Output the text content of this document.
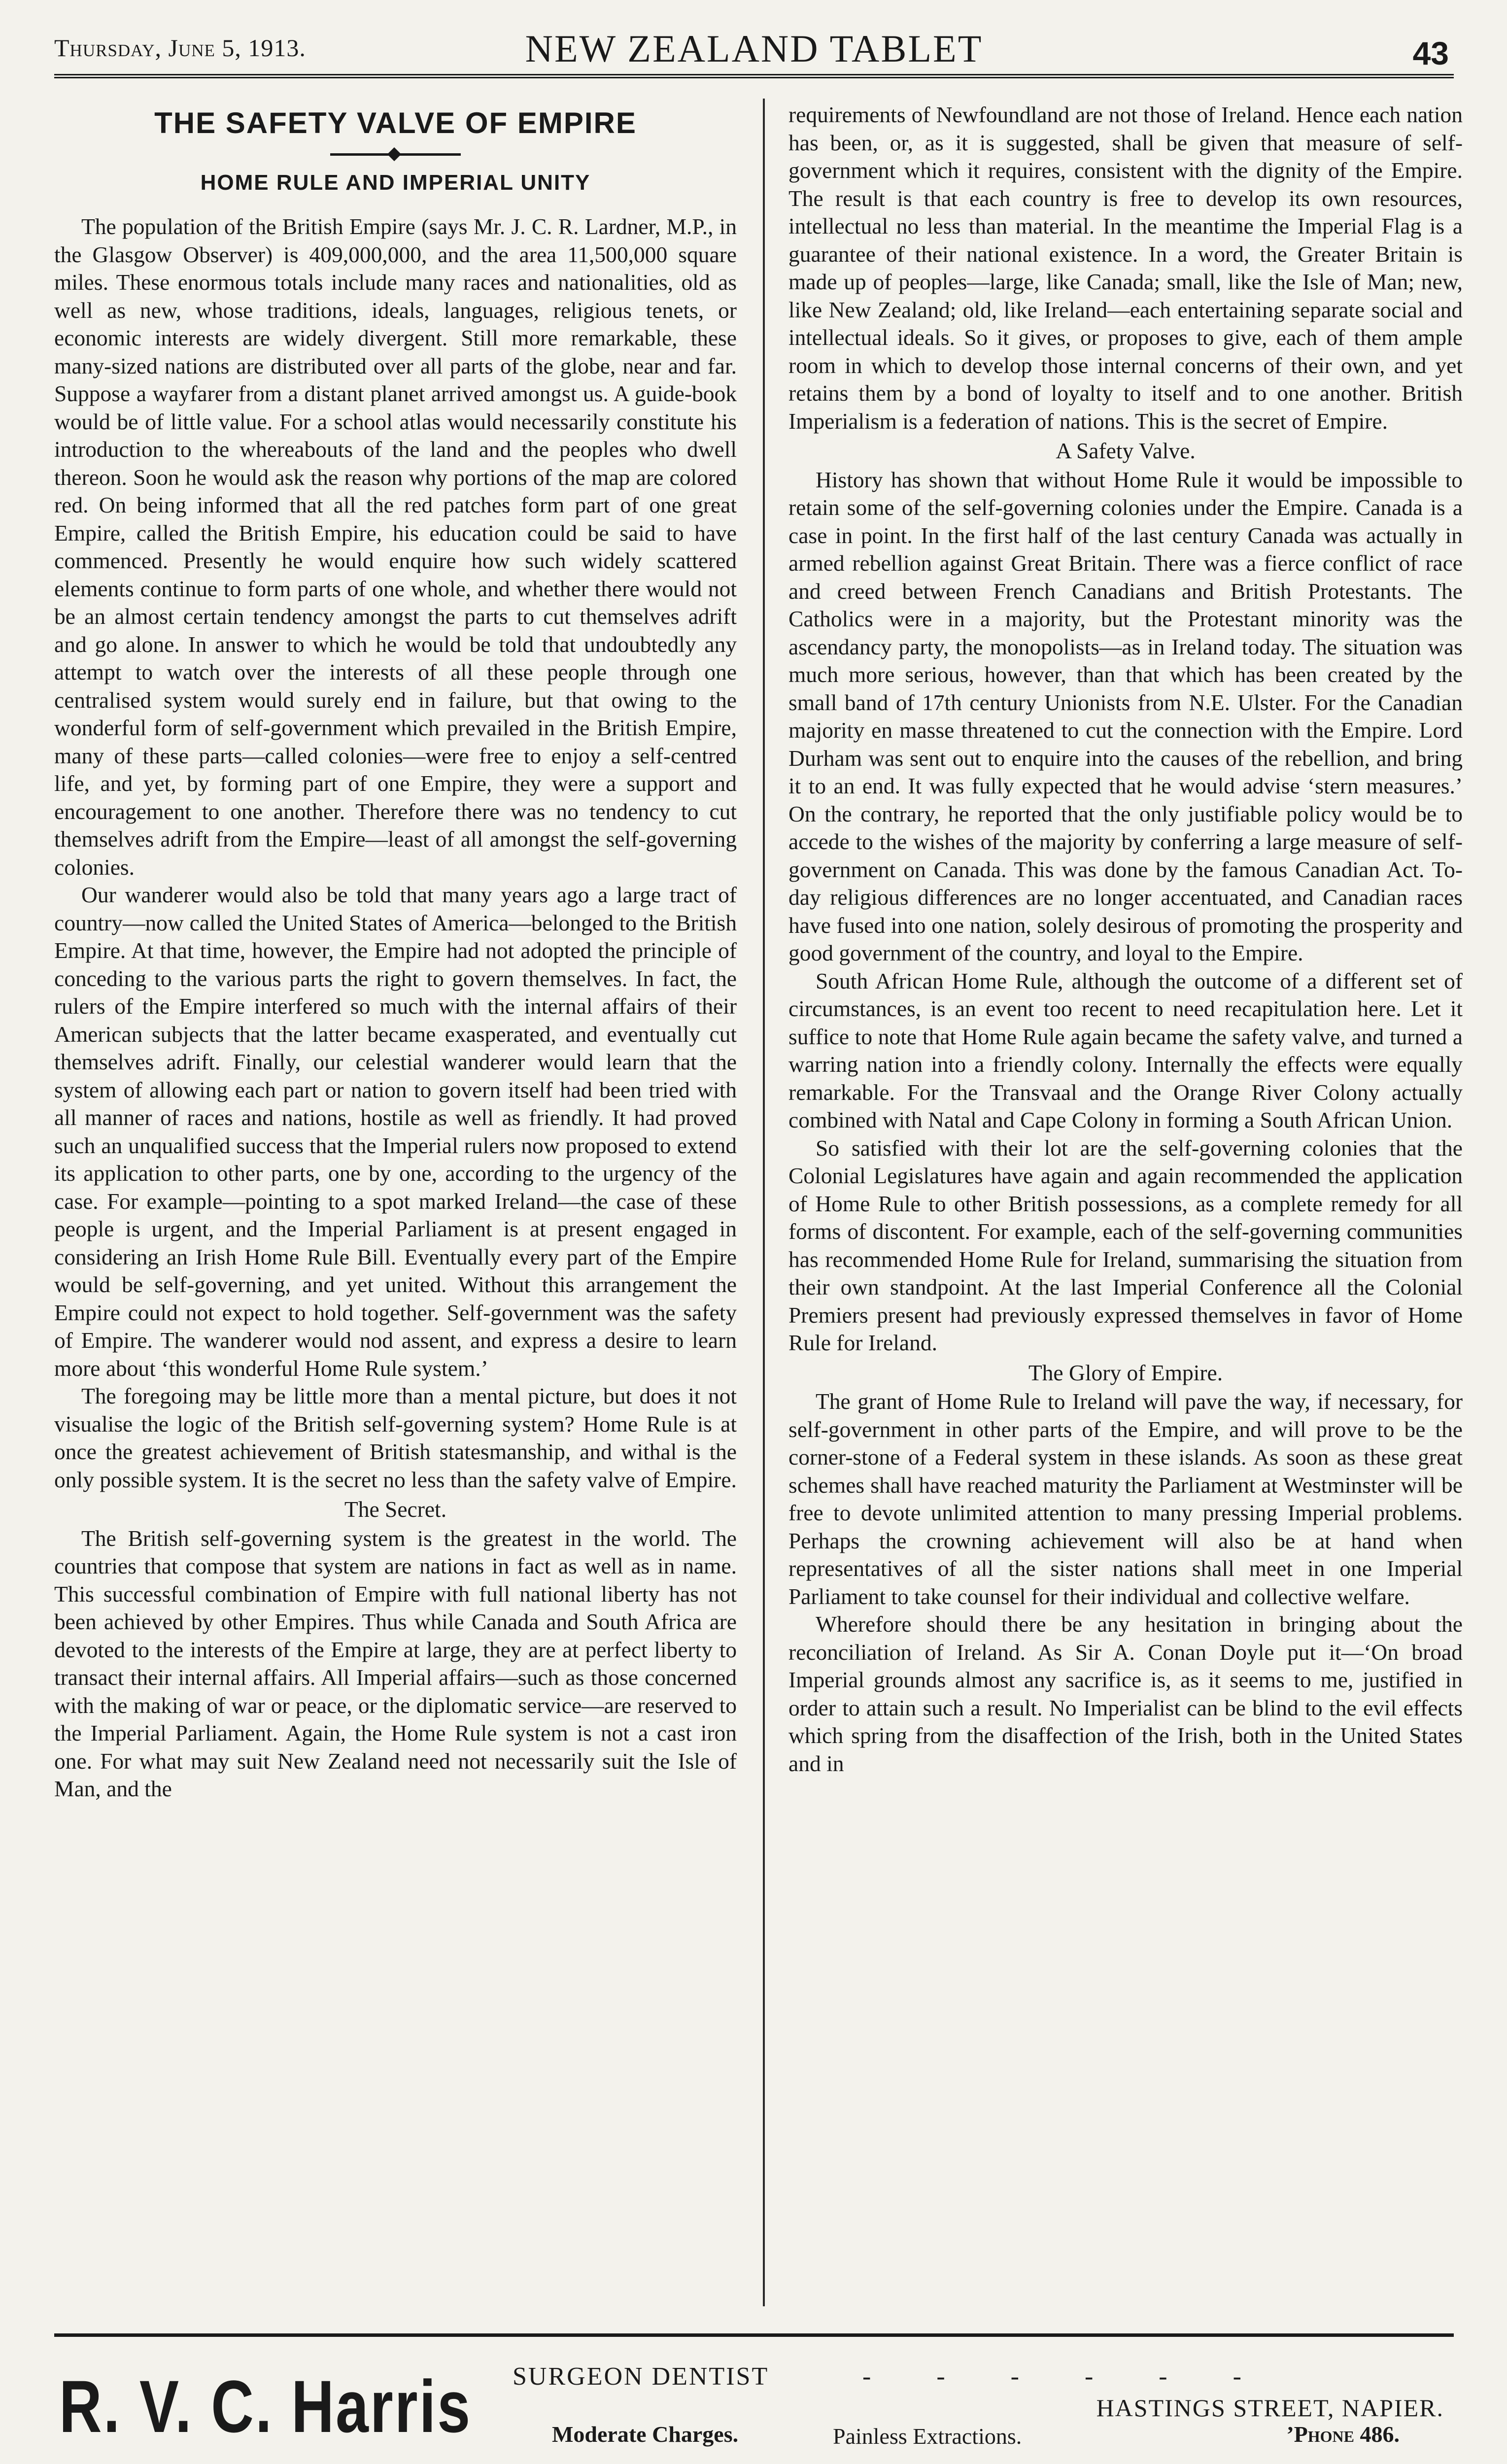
Thursday, June 5, 1913.	NEW ZEALAND TABLET	43
THE SAFETY VALVE OF EMPIRE
HOME RULE AND IMPERIAL UNITY

The population of the British Empire (says Mr. J. C. R. Lardner, M.P., in the Glasgow Observer) is 409,000,000, and the area 11,500,000 square miles. These enormous totals include many races and nationalities, old as well as new, whose traditions, ideals, languages, religious tenets, or economic interests are widely divergent. Still more remarkable, these many-sized nations are distributed over all parts of the globe, near and far. Suppose a wayfarer from a distant planet arrived amongst us. A guide-book would be of little value. For a school atlas would necessarily constitute his introduction to the whereabouts of the land and the peoples who dwell thereon. Soon he would ask the reason why portions of the map are colored red. On being informed that all the red patches form part of one great Empire, called the British Empire, his education could be said to have commenced. Presently he would enquire how such widely scattered elements continue to form parts of one whole, and whether there would not be an almost certain tendency amongst the parts to cut themselves adrift and go alone. In answer to which he would be told that undoubtedly any attempt to watch over the interests of all these people through one centralised system would surely end in failure, but that owing to the wonderful form of self-government which prevailed in the British Empire, many of these parts—called colonies—were free to enjoy a self-centred life, and yet, by forming part of one Empire, they were a support and encouragement to one another. Therefore there was no tendency to cut themselves adrift from the Empire—least of all amongst the self-governing colonies.

Our wanderer would also be told that many years ago a large tract of country—now called the United States of America—belonged to the British Empire. At that time, however, the Empire had not adopted the principle of conceding to the various parts the right to govern themselves. In fact, the rulers of the Empire interfered so much with the internal affairs of their American subjects that the latter became exasperated, and eventually cut themselves adrift. Finally, our celestial wanderer would learn that the system of allowing each part or nation to govern itself had been tried with all manner of races and nations, hostile as well as friendly. It had proved such an unqualified success that the Imperial rulers now proposed to extend its application to other parts, one by one, according to the urgency of the case. For example—pointing to a spot marked Ireland—the case of these people is urgent, and the Imperial Parliament is at present engaged in considering an Irish Home Rule Bill. Eventually every part of the Empire would be self-governing, and yet united. Without this arrangement the Empire could not expect to hold together. Self-government was the safety of Empire. The wanderer would nod assent, and express a desire to learn more about ‘this wonderful Home Rule system.’

The foregoing may be little more than a mental picture, but does it not visualise the logic of the British self-governing system? Home Rule is at once the greatest achievement of British statesmanship, and withal is the only possible system. It is the secret no less than the safety valve of Empire.

The Secret.

The British self-governing system is the greatest in the world. The countries that compose that system are nations in fact as well as in name. This successful combination of Empire with full national liberty has not been achieved by other Empires. Thus while Canada and South Africa are devoted to the interests of the Empire at large, they are at perfect liberty to transact their internal affairs. All Imperial affairs—such as those concerned with the making of war or peace, or the diplomatic service—are reserved to the Imperial Parliament. Again, the Home Rule system is not a cast iron one. For what may suit New Zealand need not necessarily suit the Isle of Man, and the

requirements of Newfoundland are not those of Ireland. Hence each nation has been, or, as it is suggested, shall be given that measure of self-government which it requires, consistent with the dignity of the Empire. The result is that each country is free to develop its own resources, intellectual no less than material. In the meantime the Imperial Flag is a guarantee of their national existence. In a word, the Greater Britain is made up of peoples—large, like Canada; small, like the Isle of Man; new, like New Zealand; old, like Ireland—each entertaining separate social and intellectual ideals. So it gives, or proposes to give, each of them ample room in which to develop those internal concerns of their own, and yet retains them by a bond of loyalty to itself and to one another. British Imperialism is a federation of nations. This is the secret of Empire.

A Safety Valve.

History has shown that without Home Rule it would be impossible to retain some of the self-governing colonies under the Empire. Canada is a case in point. In the first half of the last century Canada was actually in armed rebellion against Great Britain. There was a fierce conflict of race and creed between French Canadians and British Protestants. The Catholics were in a majority, but the Protestant minority was the ascendancy party, the monopolists—as in Ireland today. The situation was much more serious, however, than that which has been created by the small band of 17th century Unionists from N.E. Ulster. For the Canadian majority en masse threatened to cut the connection with the Empire. Lord Durham was sent out to enquire into the causes of the rebellion, and bring it to an end. It was fully expected that he would advise ‘stern measures.’ On the contrary, he reported that the only justifiable policy would be to accede to the wishes of the majority by conferring a large measure of self-government on Canada. This was done by the famous Canadian Act. To-day religious differences are no longer accentuated, and Canadian races have fused into one nation, solely desirous of promoting the prosperity and good government of the country, and loyal to the Empire.

South African Home Rule, although the outcome of a different set of circumstances, is an event too recent to need recapitulation here. Let it suffice to note that Home Rule again became the safety valve, and turned a warring nation into a friendly colony. Internally the effects were equally remarkable. For the Transvaal and the Orange River Colony actually combined with Natal and Cape Colony in forming a South African Union.

So satisfied with their lot are the self-governing colonies that the Colonial Legislatures have again and again recommended the application of Home Rule to other British possessions, as a complete remedy for all forms of discontent. For example, each of the self-governing communities has recommended Home Rule for Ireland, summarising the situation from their own standpoint. At the last Imperial Conference all the Colonial Premiers present had previously expressed themselves in favor of Home Rule for Ireland.

The Glory of Empire.

The grant of Home Rule to Ireland will pave the way, if necessary, for self-government in other parts of the Empire, and will prove to be the corner-stone of a Federal system in these islands. As soon as these great schemes shall have reached maturity the Parliament at Westminster will be free to devote unlimited attention to many pressing Imperial problems. Perhaps the crowning achievement will also be at hand when representatives of all the sister nations shall meet in one Imperial Parliament to take counsel for their individual and collective welfare.

Wherefore should there be any hesitation in bringing about the reconciliation of Ireland. As Sir A. Conan Doyle put it—‘On broad Imperial grounds almost any sacrifice is, as it seems to me, justified in order to attain such a result. No Imperialist can be blind to the evil effects which spring from the disaffection of the Irish, both in the United States and in

R. V. C. Harris SURGEON DENTIST	- - - - - -
HASTINGS STREET, NAPIER.
Moderate Charges.	Painless Extractions.	’Phone 486.
